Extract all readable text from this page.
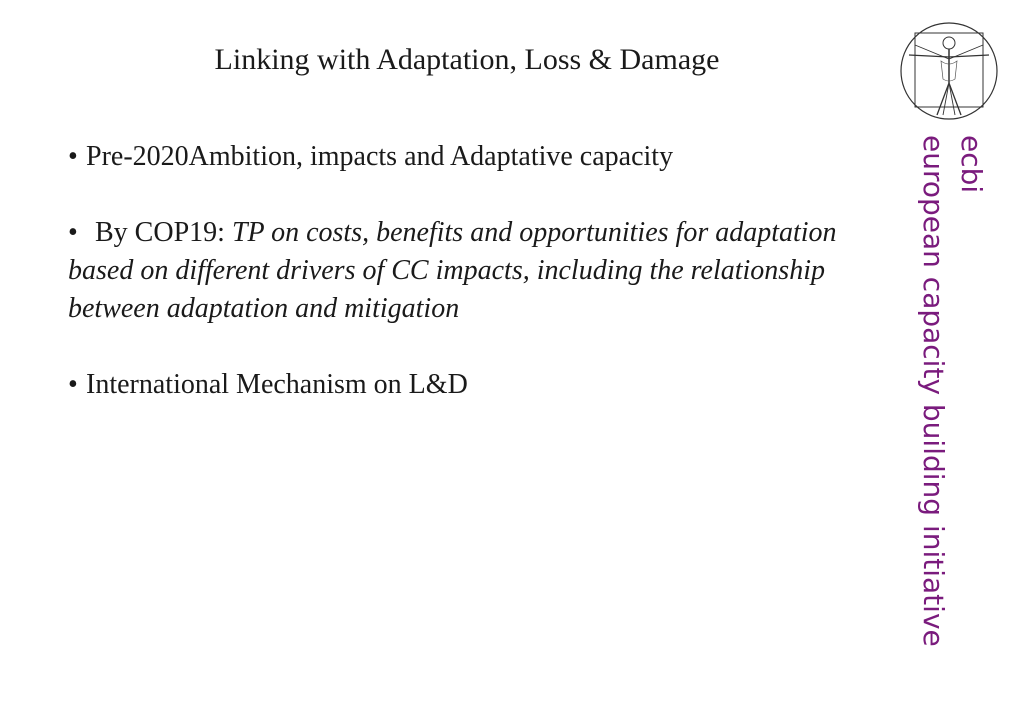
Linking with Adaptation, Loss & Damage

• Pre-2020Ambition, impacts and Adaptative capacity

• By COP19: TP on costs, benefits and opportunities for adaptation based on different drivers of CC impacts, including the relationship between adaptation and mitigation

• International Mechanism on L&D

ecbi
european capacity building initiative
